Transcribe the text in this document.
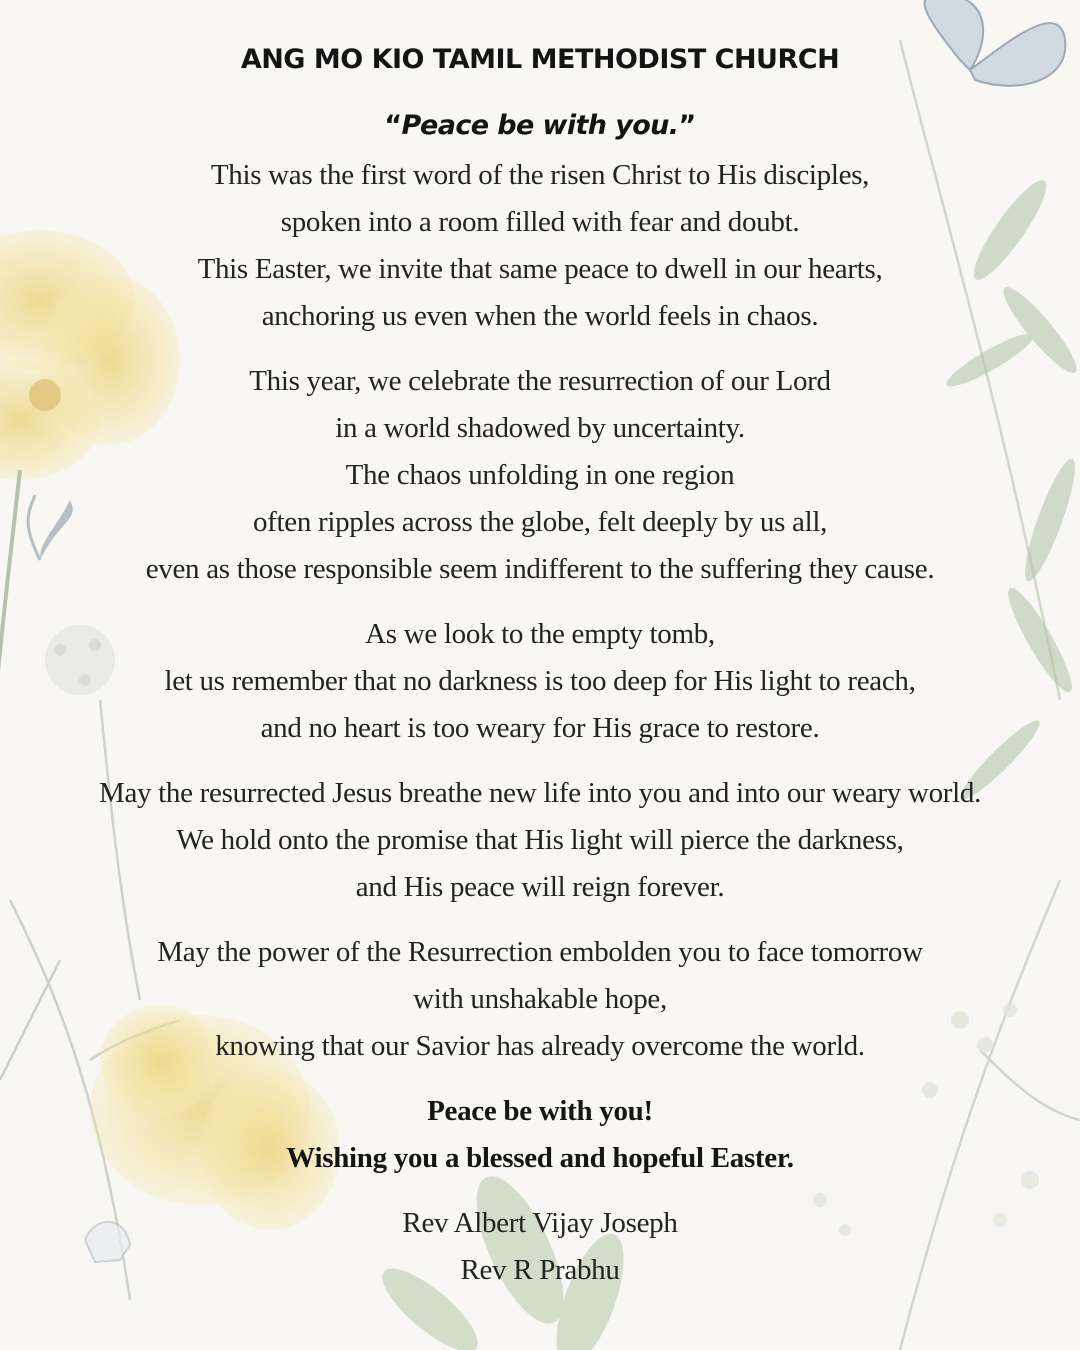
ANG MO KIO TAMIL METHODIST CHURCH
“Peace be with you.”
This was the first word of the risen Christ to His disciples,
spoken into a room filled with fear and doubt.
This Easter, we invite that same peace to dwell in our hearts,
anchoring us even when the world feels in chaos.
This year, we celebrate the resurrection of our Lord
in a world shadowed by uncertainty.
The chaos unfolding in one region
often ripples across the globe, felt deeply by us all,
even as those responsible seem indifferent to the suffering they cause.
As we look to the empty tomb,
let us remember that no darkness is too deep for His light to reach,
and no heart is too weary for His grace to restore.
May the resurrected Jesus breathe new life into you and into our weary world.
We hold onto the promise that His light will pierce the darkness,
and His peace will reign forever.
May the power of the Resurrection embolden you to face tomorrow
with unshakable hope,
knowing that our Savior has already overcome the world.
Peace be with you!
Wishing you a blessed and hopeful Easter.
Rev Albert Vijay Joseph
Rev R Prabhu
